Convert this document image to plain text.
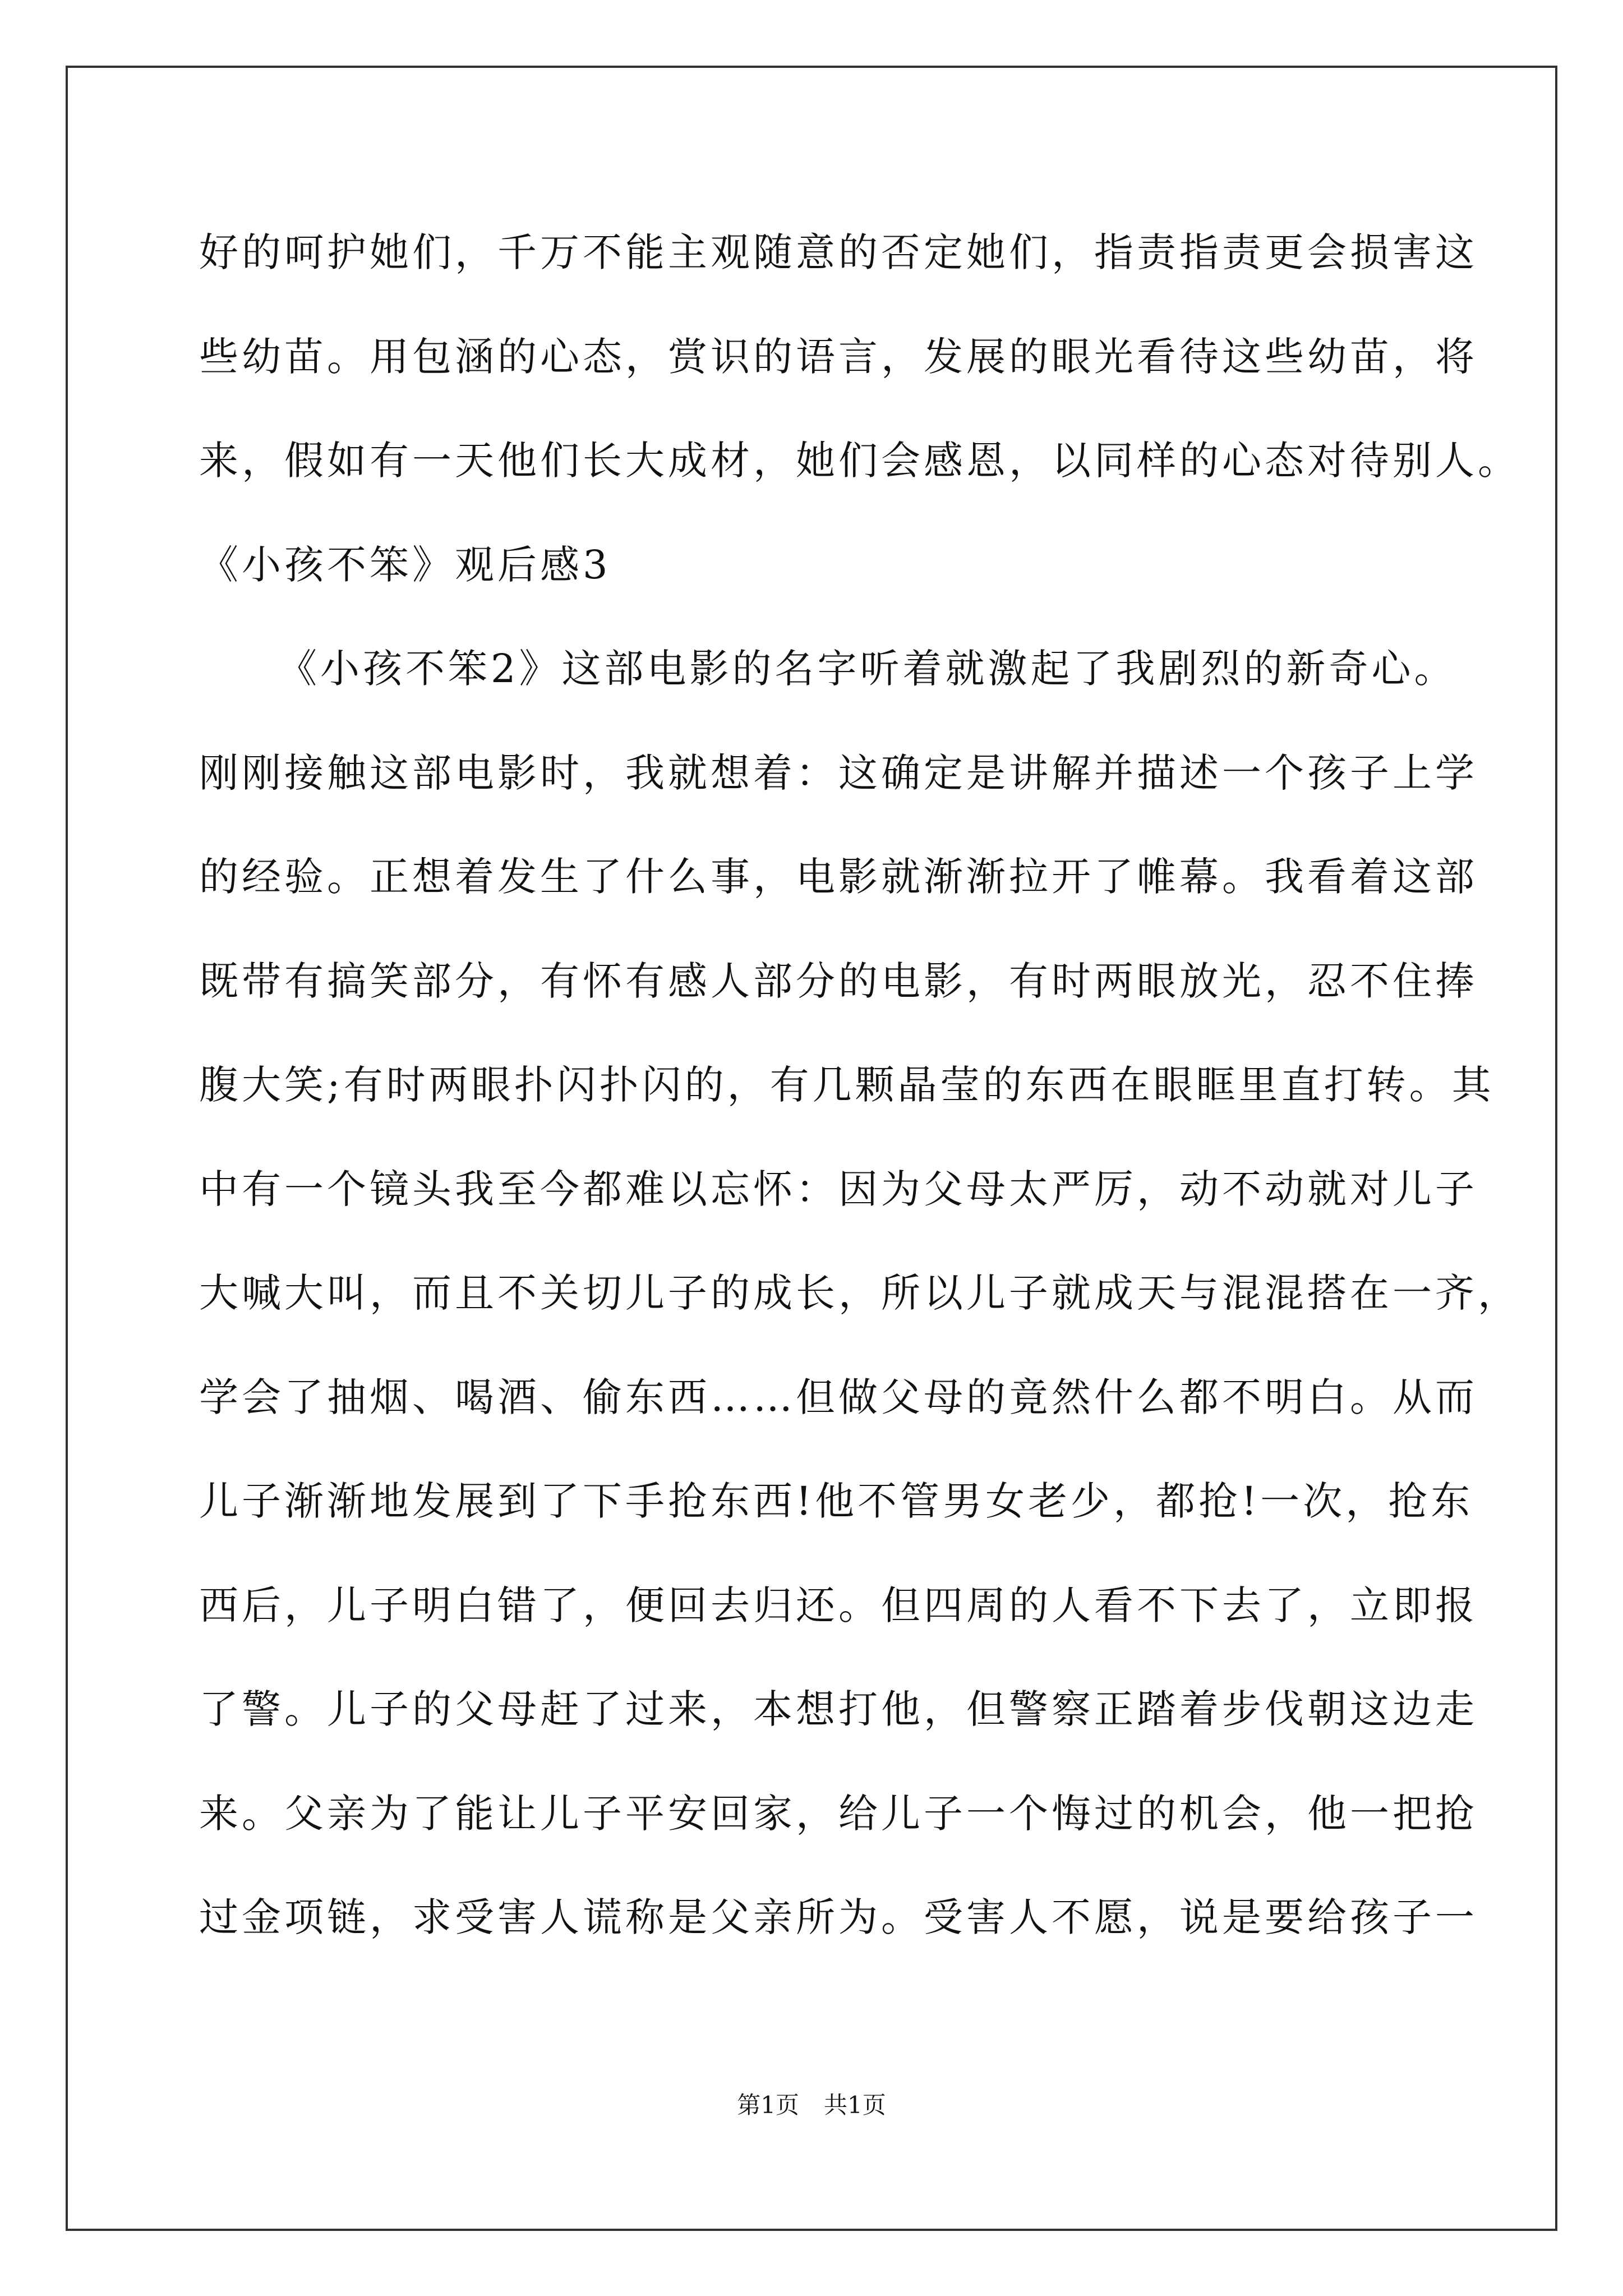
好的呵护她们，千万不能主观随意的否定她们，指责指责更会损害这
些幼苗。用包涵的心态，赏识的语言，发展的眼光看待这些幼苗，将
来，假如有一天他们长大成材，她们会感恩，以同样的心态对待别人。
《小孩不笨》观后感3
《小孩不笨2》这部电影的名字听着就激起了我剧烈的新奇心。
刚刚接触这部电影时，我就想着：这确定是讲解并描述一个孩子上学
的经验。正想着发生了什么事，电影就渐渐拉开了帷幕。我看着这部
既带有搞笑部分，有怀有感人部分的电影，有时两眼放光，忍不住捧
腹大笑;有时两眼扑闪扑闪的，有几颗晶莹的东西在眼眶里直打转。其
中有一个镜头我至今都难以忘怀：因为父母太严厉，动不动就对儿子
大喊大叫，而且不关切儿子的成长，所以儿子就成天与混混搭在一齐，
学会了抽烟、喝酒、偷东西……但做父母的竟然什么都不明白。从而
儿子渐渐地发展到了下手抢东西!他不管男女老少，都抢!一次，抢东
西后，儿子明白错了，便回去归还。但四周的人看不下去了，立即报
了警。儿子的父母赶了过来，本想打他，但警察正踏着步伐朝这边走
来。父亲为了能让儿子平安回家，给儿子一个悔过的机会，他一把抢
过金项链，求受害人谎称是父亲所为。受害人不愿，说是要给孩子一
第1页 共1页
